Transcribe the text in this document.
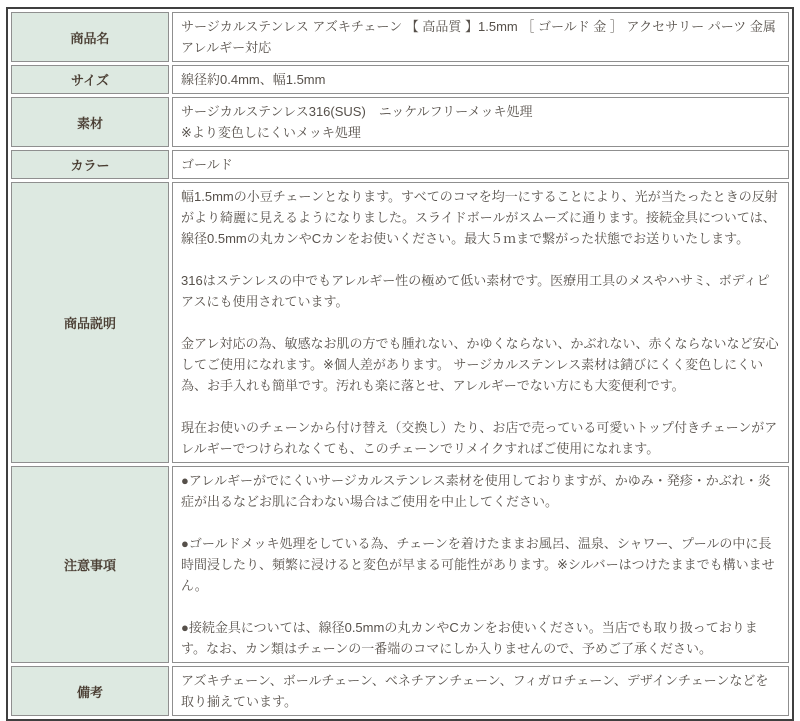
商品名	サージカルステンレス アズキチェーン 【 高品質 】1.5mm ［ ゴールド 金 ］ アクセサリー パーツ 金属アレルギー対応

サイズ	線径約0.4mm、幅1.5mm

素材	サージカルステンレス316(SUS)　ニッケルフリーメッキ処理

※より変色しにくいメッキ処理

カラー	ゴールド

商品説明	幅1.5mmの小豆チェーンとなります。すべてのコマを均一にすることにより、光が当たったときの反射がより綺麗に見えるようになりました。スライドボールがスムーズに通ります。接続金具については、線径0.5mmの丸カンやCカンをお使いください。最大５ｍまで繋がった状態でお送りいたします。

316はステンレスの中でもアレルギー性の極めて低い素材です。医療用工具のメスやハサミ、ボディピアスにも使用されています。

金アレ対応の為、敏感なお肌の方でも腫れない、かゆくならない、かぶれない、赤くならないなど安心してご使用になれます。※個人差があります。 サージカルステンレス素材は錆びにくく変色しにくい為、お手入れも簡単です。汚れも楽に落とせ、アレルギーでない方にも大変便利です。

現在お使いのチェーンから付け替え（交換し）たり、お店で売っている可愛いトップ付きチェーンがアレルギーでつけられなくても、このチェーンでリメイクすればご使用になれます。

注意事項	●アレルギーがでにくいサージカルステンレス素材を使用しておりますが、かゆみ・発疹・かぶれ・炎症が出るなどお肌に合わない場合はご使用を中止してください。

●ゴールドメッキ処理をしている為、チェーンを着けたままお風呂、温泉、シャワー、プールの中に長時間浸したり、頻繁に浸けると変色が早まる可能性があります。※シルバーはつけたままでも構いません。

●接続金具については、線径0.5mmの丸カンやCカンをお使いください。当店でも取り扱っております。なお、カン類はチェーンの一番端のコマにしか入りませんので、予めご了承ください。

備考	アズキチェーン、ボールチェーン、ベネチアンチェーン、フィガロチェーン、デザインチェーンなどを取り揃えています。
